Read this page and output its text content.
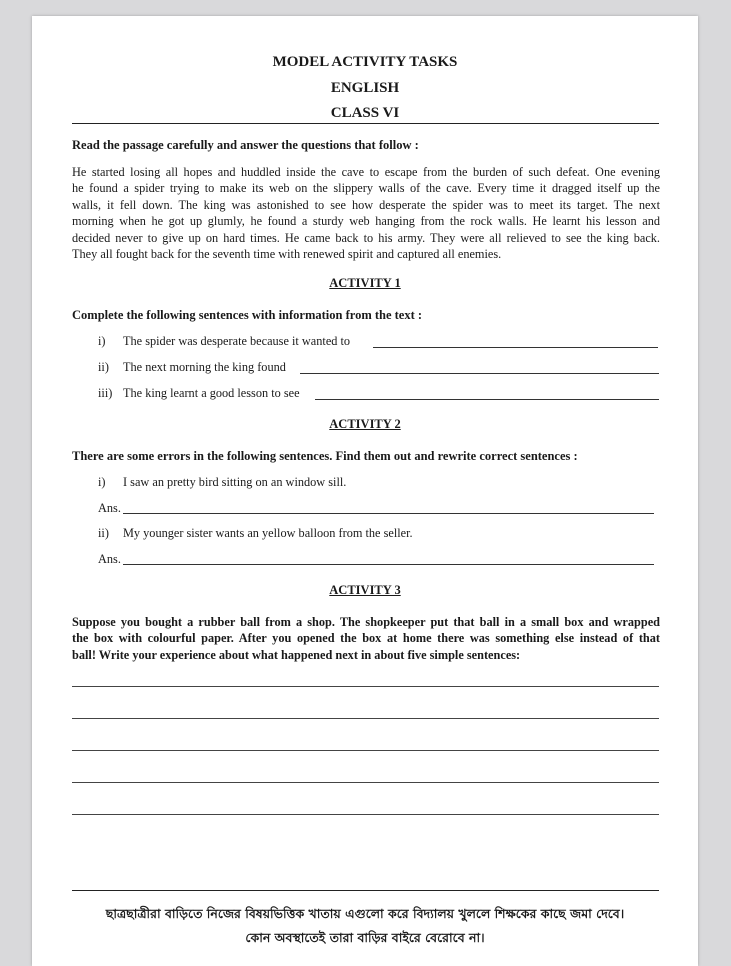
MODEL ACTIVITY TASKS
ENGLISH
CLASS VI
Read the passage carefully and answer the questions that follow :
He started losing all hopes and huddled inside the cave to escape from the burden of such defeat. One evening
he found a spider trying to make its web on the slippery walls of the cave. Every time it dragged itself up the
walls, it fell down. The king was astonished to see how desperate the spider was to meet its target. The next
morning when he got up glumly, he found a sturdy web hanging from the rock walls. He learnt his lesson and
decided never to give up on hard times. He came back to his army. They were all relieved to see the king back.
They all fought back for the seventh time with renewed spirit and captured all enemies.
ACTIVITY 1
Complete the following sentences with information from the text :
i) The spider was desperate because it wanted to
ii) The next morning the king found
iii) The king learnt a good lesson to see
ACTIVITY 2
There are some errors in the following sentences. Find them out and rewrite correct sentences :
i) I saw an pretty bird sitting on an window sill.
Ans.
ii) My younger sister wants an yellow balloon from the seller.
Ans.
ACTIVITY 3
Suppose you bought a rubber ball from a shop. The shopkeeper put that ball in a small box and wrapped
the box with colourful paper. After you opened the box at home there was something else instead of that
ball! Write your experience about what happened next in about five simple sentences:
ছাত্রছাত্রীরা বাড়িতে নিজের বিষয়ভিত্তিক খাতায় এগুলো করে বিদ্যালয় খুললে শিক্ষকের কাছে জমা দেবে।
কোন অবস্থাতেই তারা বাড়ির বাইরে বেরোবে না।
